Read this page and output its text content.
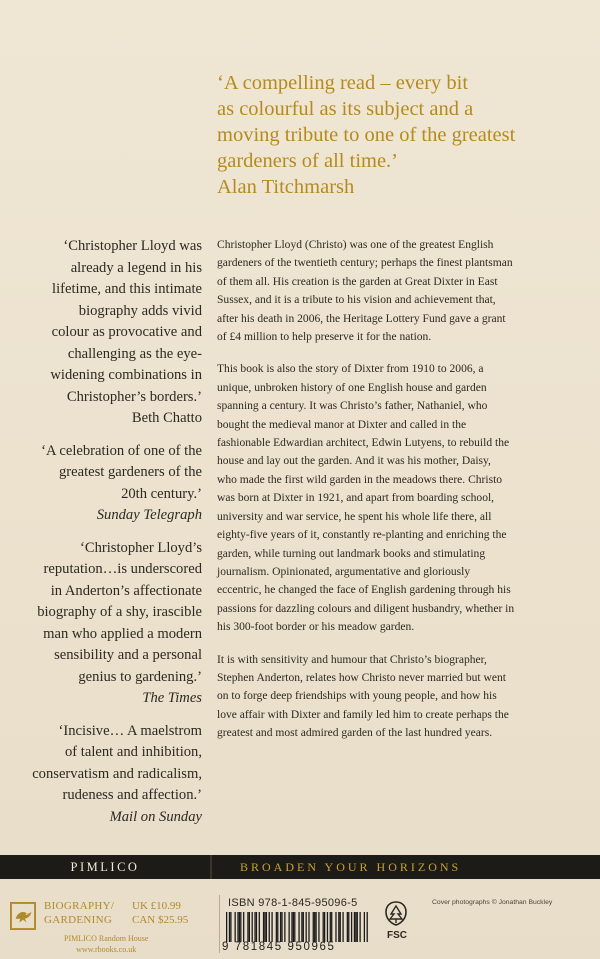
‘A compelling read – every bit
as colourful as its subject and a
moving tribute to one of the greatest
gardeners of all time.’
Alan Titchmarsh
‘Christopher Lloyd was
already a legend in his
lifetime, and this intimate
biography adds vivid
colour as provocative and
challenging as the eye-
widening combinations in
Christopher’s borders.’
Beth Chatto
‘A celebration of one of the
greatest gardeners of the
20th century.’
Sunday Telegraph
‘Christopher Lloyd’s
reputation…is underscored
in Anderton’s affectionate
biography of a shy, irascible
man who applied a modern
sensibility and a personal
genius to gardening.’
The Times
‘Incisive… A maelstrom
of talent and inhibition,
conservatism and radicalism,
rudeness and affection.’
Mail on Sunday

Christopher Lloyd (Christo) was one of the greatest English
gardeners of the twentieth century; perhaps the finest plantsman
of them all. His creation is the garden at Great Dixter in East
Sussex, and it is a tribute to his vision and achievement that,
after his death in 2006, the Heritage Lottery Fund gave a grant
of £4 million to help preserve it for the nation.

This book is also the story of Dixter from 1910 to 2006, a
unique, unbroken history of one English house and garden
spanning a century. It was Christo’s father, Nathaniel, who
bought the medieval manor at Dixter and called in the
fashionable Edwardian architect, Edwin Lutyens, to rebuild the
house and lay out the garden. And it was his mother, Daisy,
who made the first wild garden in the meadows there. Christo
was born at Dixter in 1921, and apart from boarding school,
university and war service, he spent his whole life there, all
eighty-five years of it, constantly re-planting and enriching the
garden, while turning out landmark books and stimulating
journalism. Opinionated, argumentative and gloriously
eccentric, he changed the face of English gardening through his
passions for dazzling colours and diligent husbandry, whether in
his 300-foot border or his meadow garden.

It is with sensitivity and humour that Christo’s biographer,
Stephen Anderton, relates how Christo never married but went
on to forge deep friendships with young people, and how his
love affair with Dixter and family led him to create perhaps the
greatest and most admired garden of the last hundred years.

PIMLICO	BROADEN YOUR HORIZONS
BIOGRAPHY/
GARDENING
UK £10.99
CAN $25.95
PIMLICO Random House
www.rbooks.co.uk
ISBN 978-1-845-95096-5
9 781845 950965
FSC
Cover photographs © Jonathan Buckley
